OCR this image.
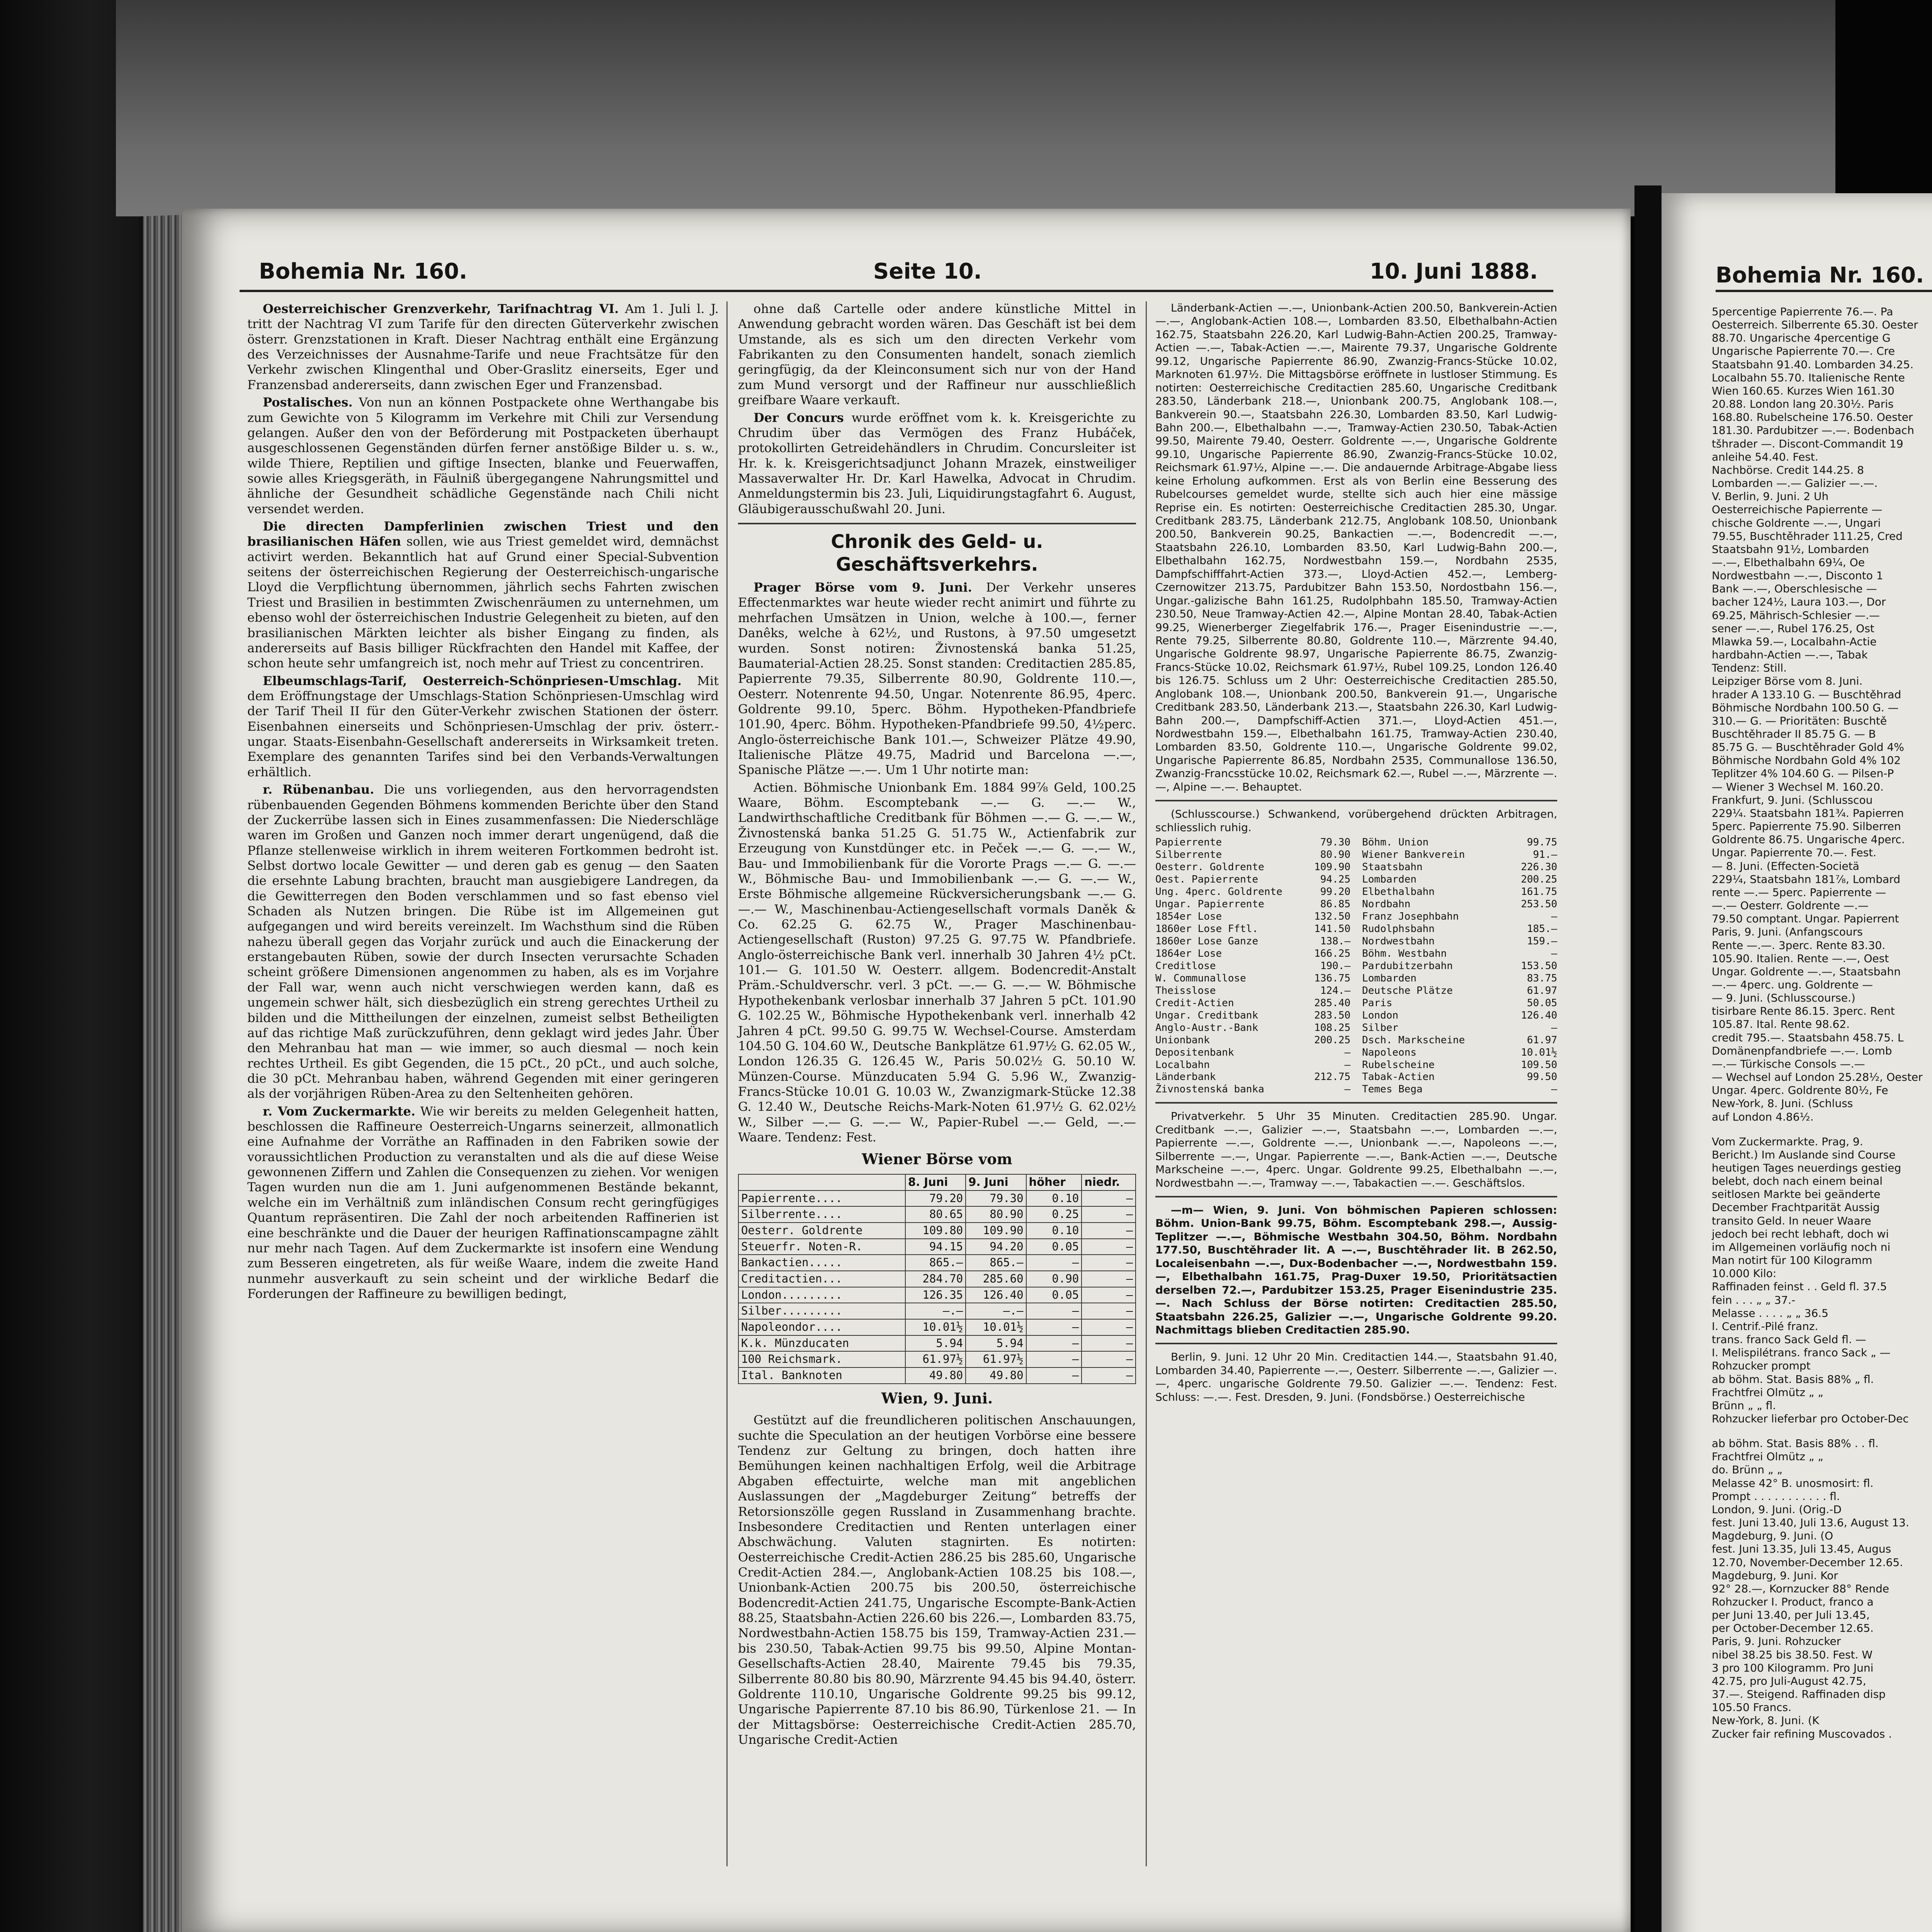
Bohemia Nr. 160.	Seite 10.	10. Juni 1888.

Oesterreichischer Grenzverkehr, Tarifnachtrag VI. Am 1. Juli l. J. tritt der Nachtrag VI zum Tarife für den directen Güterverkehr zwischen österr. Grenzstationen in Kraft. Dieser Nachtrag enthält eine Ergänzung des Verzeichnisses der Ausnahme-Tarife und neue Frachtsätze für den Verkehr zwischen Klingenthal und Ober-Graslitz einerseits, Eger und Franzensbad andererseits, dann zwischen Eger und Franzensbad.

Postalisches. Von nun an können Postpackete ohne Werthangabe bis zum Gewichte von 5 Kilogramm im Verkehre mit Chili zur Versendung gelangen. Außer den von der Beförderung mit Postpacketen überhaupt ausgeschlossenen Gegenständen dürfen ferner anstößige Bilder u. s. w., wilde Thiere, Reptilien und giftige Insecten, blanke und Feuerwaffen, sowie alles Kriegsgeräth, in Fäulniß übergegangene Nahrungsmittel und ähnliche der Gesundheit schädliche Gegenstände nach Chili nicht versendet werden.

Die directen Dampferlinien zwischen Triest und den brasilianischen Häfen sollen, wie aus Triest gemeldet wird, demnächst activirt werden. Bekanntlich hat auf Grund einer Special-Subvention seitens der österreichischen Regierung der Oesterreichisch-ungarische Lloyd die Verpflichtung übernommen, jährlich sechs Fahrten zwischen Triest und Brasilien in bestimmten Zwischenräumen zu unternehmen, um ebenso wohl der österreichischen Industrie Gelegenheit zu bieten, auf den brasilianischen Märkten leichter als bisher Eingang zu finden, als andererseits auf Basis billiger Rückfrachten den Handel mit Kaffee, der schon heute sehr umfangreich ist, noch mehr auf Triest zu concentriren.

Elbeumschlags-Tarif, Oesterreich-Schönpriesen-Umschlag. Mit dem Eröffnungstage der Umschlags-Station Schönpriesen-Umschlag wird der Tarif Theil II für den Güter-Verkehr zwischen Stationen der österr. Eisenbahnen einerseits und Schönpriesen-Umschlag der priv. österr.-ungar. Staats-Eisenbahn-Gesellschaft andererseits in Wirksamkeit treten. Exemplare des genannten Tarifes sind bei den Verbands-Verwaltungen erhältlich.

r. Rübenanbau. Die uns vorliegenden, aus den hervorragendsten rübenbauenden Gegenden Böhmens kommenden Berichte über den Stand der Zuckerrübe lassen sich in Eines zusammenfassen: Die Niederschläge waren im Großen und Ganzen noch immer derart ungenügend, daß die Pflanze stellenweise wirklich in ihrem weiteren Fortkommen bedroht ist. Selbst dortwo locale Gewitter — und deren gab es genug — den Saaten die ersehnte Labung brachten, braucht man ausgiebigere Landregen, da die Gewitterregen den Boden verschlammen und so fast ebenso viel Schaden als Nutzen bringen. Die Rübe ist im Allgemeinen gut aufgegangen und wird bereits vereinzelt. Im Wachsthum sind die Rüben nahezu überall gegen das Vorjahr zurück und auch die Einackerung der erstangebauten Rüben, sowie der durch Insecten verursachte Schaden scheint größere Dimensionen angenommen zu haben, als es im Vorjahre der Fall war, wenn auch nicht verschwiegen werden kann, daß es ungemein schwer hält, sich diesbezüglich ein streng gerechtes Urtheil zu bilden und die Mittheilungen der einzelnen, zumeist selbst Betheiligten auf das richtige Maß zurückzuführen, denn geklagt wird jedes Jahr. Über den Mehranbau hat man — wie immer, so auch diesmal — noch kein rechtes Urtheil. Es gibt Gegenden, die 15 pCt., 20 pCt., und auch solche, die 30 pCt. Mehranbau haben, während Gegenden mit einer geringeren als der vorjährigen Rüben-Area zu den Seltenheiten gehören.

r. Vom Zuckermarkte. Wie wir bereits zu melden Gelegenheit hatten, beschlossen die Raffineure Oesterreich-Ungarns seinerzeit, allmonatlich eine Aufnahme der Vorräthe an Raffinaden in den Fabriken sowie der voraussichtlichen Production zu veranstalten und als die auf diese Weise gewonnenen Ziffern und Zahlen die Consequenzen zu ziehen. Vor wenigen Tagen wurden nun die am 1. Juni aufgenommenen Bestände bekannt, welche ein im Verhältniß zum inländischen Consum recht geringfügiges Quantum repräsentiren. Die Zahl der noch arbeitenden Raffinerien ist eine beschränkte und die Dauer der heurigen Raffinationscampagne zählt nur mehr nach Tagen. Auf dem Zuckermarkte ist insofern eine Wendung zum Besseren eingetreten, als für weiße Waare, indem die zweite Hand nunmehr ausverkauft zu sein scheint und der wirkliche Bedarf die Forderungen der Raffineure zu bewilligen bedingt,

ohne daß Cartelle oder andere künstliche Mittel in Anwendung gebracht worden wären. Das Geschäft ist bei dem Umstande, als es sich um den directen Verkehr vom Fabrikanten zu den Consumenten handelt, sonach ziemlich geringfügig, da der Kleinconsument sich nur von der Hand zum Mund versorgt und der Raffineur nur ausschließlich greifbare Waare verkauft.

Der Concurs wurde eröffnet vom k. k. Kreisgerichte zu Chrudim über das Vermögen des Franz Hubáček, protokollirten Getreidehändlers in Chrudim. Concursleiter ist Hr. k. k. Kreisgerichtsadjunct Johann Mrazek, einstweiliger Massaverwalter Hr. Dr. Karl Hawelka, Advocat in Chrudim. Anmeldungstermin bis 23. Juli, Liquidirungstagfahrt 6. August, Gläubigerausschußwahl 20. Juni.

Chronik des Geld- u. Geschäftsverkehrs.

Prager Börse vom 9. Juni. Der Verkehr unseres Effectenmarktes war heute wieder recht animirt und führte zu mehrfachen Umsätzen in Union, welche à 100.—, ferner Danêks, welche à 62½, und Rustons, à 97.50 umgesetzt wurden. Sonst notiren: Živnostenská banka 51.25, Baumaterial-Actien 28.25. Sonst standen: Creditactien 285.85, Papierrente 79.35, Silberrente 80.90, Goldrente 110.—, Oesterr. Notenrente 94.50, Ungar. Notenrente 86.95, 4perc. Goldrente 99.10, 5perc. Böhm. Hypotheken-Pfandbriefe 101.90, 4perc. Böhm. Hypotheken-Pfandbriefe 99.50, 4½perc. Anglo-österreichische Bank 101.—, Schweizer Plätze 49.90, Italienische Plätze 49.75, Madrid und Barcelona —.—, Spanische Plätze —.—. Um 1 Uhr notirte man:

Actien. Böhmische Unionbank Em. 1884 99⅞ Geld, 100.25 Waare, Böhm. Escomptebank —.— G. —.— W., Landwirthschaftliche Creditbank für Böhmen —.— G. —.— W., Živnostenská banka 51.25 G. 51.75 W., Actienfabrik zur Erzeugung von Kunstdünger etc. in Peček —.— G. —.— W., Bau- und Immobilienbank für die Vororte Prags —.— G. —.— W., Böhmische Bau- und Immobilienbank —.— G. —.— W., Erste Böhmische allgemeine Rückversicherungsbank —.— G. —.— W., Maschinenbau-Actiengesellschaft vormals Daněk & Co. 62.25 G. 62.75 W., Prager Maschinenbau-Actiengesellschaft (Ruston) 97.25 G. 97.75 W. Pfandbriefe. Anglo-österreichische Bank verl. innerhalb 30 Jahren 4½ pCt. 101.— G. 101.50 W. Oesterr. allgem. Bodencredit-Anstalt Präm.-Schuldverschr. verl. 3 pCt. —.— G. —.— W. Böhmische Hypothekenbank verlosbar innerhalb 37 Jahren 5 pCt. 101.90 G. 102.25 W., Böhmische Hypothekenbank verl. innerhalb 42 Jahren 4 pCt. 99.50 G. 99.75 W. Wechsel-Course. Amsterdam 104.50 G. 104.60 W., Deutsche Bankplätze 61.97½ G. 62.05 W., London 126.35 G. 126.45 W., Paris 50.02½ G. 50.10 W. Münzen-Course. Münzducaten 5.94 G. 5.96 W., Zwanzig-Francs-Stücke 10.01 G. 10.03 W., Zwanzigmark-Stücke 12.38 G. 12.40 W., Deutsche Reichs-Mark-Noten 61.97½ G. 62.02½ W., Silber —.— G. —.— W., Papier-Rubel —.— Geld, —.— Waare. Tendenz: Fest.

Wiener Börse vom
	8. Juni	9. Juni	höher	niedr.
Papierrente....	79.20	79.30	0.10	—
Silberrente....	80.65	80.90	0.25	—
Oesterr. Goldrente	109.80	109.90	0.10	—
Steuerfr. Noten-R.	94.15	94.20	0.05	—
Bankactien.....	865.—	865.—	—	—
Creditactien...	284.70	285.60	0.90	—
London.........	126.35	126.40	0.05	—
Silber.........	—.—	—.—	—	—
Napoleondor....	10.01½	10.01½	—	—
K.k. Münzducaten	5.94	5.94	—	—
100 Reichsmark.	61.97½	61.97½	—	—
Ital. Banknoten	49.80	49.80	—	—
Wien, 9. Juni.

Gestützt auf die freundlicheren politischen Anschauungen, suchte die Speculation an der heutigen Vorbörse eine bessere Tendenz zur Geltung zu bringen, doch hatten ihre Bemühungen keinen nachhaltigen Erfolg, weil die Arbitrage Abgaben effectuirte, welche man mit angeblichen Auslassungen der „Magdeburger Zeitung“ betreffs der Retorsionszölle gegen Russland in Zusammenhang brachte. Insbesondere Creditactien und Renten unterlagen einer Abschwächung. Valuten stagnirten. Es notirten: Oesterreichische Credit-Actien 286.25 bis 285.60, Ungarische Credit-Actien 284.—, Anglobank-Actien 108.25 bis 108.—, Unionbank-Actien 200.75 bis 200.50, österreichische Bodencredit-Actien 241.75, Ungarische Escompte-Bank-Actien 88.25, Staatsbahn-Actien 226.60 bis 226.—, Lombarden 83.75, Nordwestbahn-Actien 158.75 bis 159, Tramway-Actien 231.— bis 230.50, Tabak-Actien 99.75 bis 99.50, Alpine Montan-Gesellschafts-Actien 28.40, Mairente 79.45 bis 79.35, Silberrente 80.80 bis 80.90, Märzrente 94.45 bis 94.40, österr. Goldrente 110.10, Ungarische Goldrente 99.25 bis 99.12, Ungarische Papierrente 87.10 bis 86.90, Türkenlose 21. — In der Mittagsbörse: Oesterreichische Credit-Actien 285.70, Ungarische Credit-Actien

Länderbank-Actien —.—, Unionbank-Actien 200.50, Bankverein-Actien —.—, Anglobank-Actien 108.—, Lombarden 83.50, Elbethalbahn-Actien 162.75, Staatsbahn 226.20, Karl Ludwig-Bahn-Actien 200.25, Tramway-Actien —.—, Tabak-Actien —.—, Mairente 79.37, Ungarische Goldrente 99.12, Ungarische Papierrente 86.90, Zwanzig-Francs-Stücke 10.02, Marknoten 61.97½. Die Mittagsbörse eröffnete in lustloser Stimmung. Es notirten: Oesterreichische Creditactien 285.60, Ungarische Creditbank 283.50, Länderbank 218.—, Unionbank 200.75, Anglobank 108.—, Bankverein 90.—, Staatsbahn 226.30, Lombarden 83.50, Karl Ludwig-Bahn 200.—, Elbethalbahn —.—, Tramway-Actien 230.50, Tabak-Actien 99.50, Mairente 79.40, Oesterr. Goldrente —.—, Ungarische Goldrente 99.10, Ungarische Papierrente 86.90, Zwanzig-Francs-Stücke 10.02, Reichsmark 61.97½, Alpine —.—. Die andauernde Arbitrage-Abgabe liess keine Erholung aufkommen. Erst als von Berlin eine Besserung des Rubelcourses gemeldet wurde, stellte sich auch hier eine mässige Reprise ein. Es notirten: Oesterreichische Creditactien 285.30, Ungar. Creditbank 283.75, Länderbank 212.75, Anglobank 108.50, Unionbank 200.50, Bankverein 90.25, Bankactien —.—, Bodencredit —.—, Staatsbahn 226.10, Lombarden 83.50, Karl Ludwig-Bahn 200.—, Elbethalbahn 162.75, Nordwestbahn 159.—, Nordbahn 2535, Dampfschifffahrt-Actien 373.—, Lloyd-Actien 452.—, Lemberg-Czernowitzer 213.75, Pardubitzer Bahn 153.50, Nordostbahn 156.—, Ungar.-galizische Bahn 161.25, Rudolphbahn 185.50, Tramway-Actien 230.50, Neue Tramway-Actien 42.—, Alpine Montan 28.40, Tabak-Actien 99.25, Wienerberger Ziegelfabrik 176.—, Prager Eisenindustrie —.—, Rente 79.25, Silberrente 80.80, Goldrente 110.—, Märzrente 94.40, Ungarische Goldrente 98.97, Ungarische Papierrente 86.75, Zwanzig-Francs-Stücke 10.02, Reichsmark 61.97½, Rubel 109.25, London 126.40 bis 126.75. Schluss um 2 Uhr: Oesterreichische Creditactien 285.50, Anglobank 108.—, Unionbank 200.50, Bankverein 91.—, Ungarische Creditbank 283.50, Länderbank 213.—, Staatsbahn 226.30, Karl Ludwig-Bahn 200.—, Dampfschiff-Actien 371.—, Lloyd-Actien 451.—, Nordwestbahn 159.—, Elbethalbahn 161.75, Tramway-Actien 230.40, Lombarden 83.50, Goldrente 110.—, Ungarische Goldrente 99.02, Ungarische Papierrente 86.85, Nordbahn 2535, Communallose 136.50, Zwanzig-Francsstücke 10.02, Reichsmark 62.—, Rubel —.—, Märzrente —.—, Alpine —.—. Behauptet.

(Schlusscourse.) Schwankend, vorübergehend drückten Arbitragen, schliesslich ruhig.

Papierrente	79.30 Böhm. Union	99.75
Silberrente	80.90 Wiener Bankverein	91.—
Oesterr. Goldrente	109.90 Staatsbahn	226.30
Oest. Papierrente	94.25 Lombarden	200.25
Ung. 4perc. Goldrente	99.20 Elbethalbahn	161.75
Ungar. Papierrente	86.85 Nordbahn	253.50
1854er Lose	132.50 Franz Josephbahn	—
1860er Lose Fftl.	141.50 Rudolphsbahn	185.—
1860er Lose Ganze	138.— Nordwestbahn	159.—
1864er Lose	166.25 Böhm. Westbahn	—
Creditlose	190.— Pardubitzerbahn	153.50
W. Communallose	136.75 Lombarden	83.75
Theisslose	124.— Deutsche Plätze	61.97
Credit-Actien	285.40 Paris	50.05
Ungar. Creditbank	283.50 London	126.40
Anglo-Austr.-Bank	108.25 Silber	—
Unionbank	200.25 Dsch. Markscheine	61.97
Depositenbank	— Napoleons	10.01½
Localbahn	— Rubelscheine	109.50
Länderbank	212.75 Tabak-Actien	99.50
Živnostenská banka	— Temes Bega	—

Privatverkehr. 5 Uhr 35 Minuten. Creditactien 285.90. Ungar. Creditbank —.—, Galizier —.—, Staatsbahn —.—, Lombarden —.—, Papierrente —.—, Goldrente —.—, Unionbank —.—, Napoleons —.—, Silberrente —.—, Ungar. Papierrente —.—, Bank-Actien —.—, Deutsche Markscheine —.—, 4perc. Ungar. Goldrente 99.25, Elbethalbahn —.—, Nordwestbahn —.—, Tramway —.—, Tabakactien —.—. Geschäftslos.

—m— Wien, 9. Juni. Von böhmischen Papieren schlossen: Böhm. Union-Bank 99.75, Böhm. Escomptebank 298.—, Aussig-Teplitzer —.—, Böhmische Westbahn 304.50, Böhm. Nordbahn 177.50, Buschtěhrader lit. A —.—, Buschtěhrader lit. B 262.50, Localeisenbahn —.—, Dux-Bodenbacher —.—, Nordwestbahn 159.—, Elbethalbahn 161.75, Prag-Duxer 19.50, Prioritätsactien derselben 72.—, Pardubitzer 153.25, Prager Eisenindustrie 235.—. Nach Schluss der Börse notirten: Creditactien 285.50, Staatsbahn 226.25, Galizier —.—, Ungarische Goldrente 99.20. Nachmittags blieben Creditactien 285.90.

Berlin, 9. Juni. 12 Uhr 20 Min. Creditactien 144.—, Staatsbahn 91.40, Lombarden 34.40, Papierrente —.—, Oesterr. Silberrente —.—, Galizier —.—, 4perc. ungarische Goldrente 79.50. Galizier —.—. Tendenz: Fest. Schluss: —.—. Fest. Dresden, 9. Juni. (Fondsbörse.) Oesterreichische

Bohemia Nr. 160.
5percentige Papierrente 76.—. Pa
Oesterreich. Silberrente 65.30. Oester
88.70. Ungarische 4percentige G
Ungarische Papierrente 70.—. Cre
Staatsbahn 91.40. Lombarden 34.25.
Localbahn 55.70. Italienische Rente
Wien 160.65. Kurzes Wien 161.30
20.88. London lang 20.30½. Paris
168.80. Rubelscheine 176.50. Oester
181.30. Pardubitzer —.—. Bodenbach
tšhrader —. Discont-Commandit 19
anleihe 54.40. Fest.
Nachbörse. Credit 144.25. 8
Lombarden —.— Galizier —.—.
V. Berlin, 9. Juni. 2 Uh
Oesterreichische Papierrente —
chische Goldrente —.—, Ungari
79.55, Buschtěhrader 111.25, Cred
Staatsbahn 91½, Lombarden
—.—, Elbethalbahn 69¼, Oe
Nordwestbahn —.—, Disconto 1
Bank —.—, Oberschlesische —
bacher 124½, Laura 103.—, Dor
69.25, Mährisch-Schlesier —.—
sener —.—, Rubel 176.25, Ost
Mlawka 59.—, Localbahn-Actie
hardbahn-Actien —.—, Tabak
Tendenz: Still.
Leipziger Börse vom 8. Juni.
hrader A 133.10 G. — Buschtěhrad
Böhmische Nordbahn 100.50 G. —
310.— G. — Prioritäten: Buschtě
Buschtěhrader II 85.75 G. — B
85.75 G. — Buschtěhrader Gold 4%
Böhmische Nordbahn Gold 4% 102
Teplitzer 4% 104.60 G. — Pilsen-P
— Wiener 3 Wechsel M. 160.20.
Frankfurt, 9. Juni. (Schlusscou
229¼. Staatsbahn 181¾. Papierren
5perc. Papierrente 75.90. Silberren
Goldrente 86.75. Ungarische 4perc.
Ungar. Papierrente 70.—. Fest.
— 8. Juni. (Effecten-Societä
229¼, Staatsbahn 181⅞, Lombard
rente —.— 5perc. Papierrente —
—.— Oesterr. Goldrente —.—
79.50 comptant. Ungar. Papierrent
Paris, 9. Juni. (Anfangscours
Rente —.—. 3perc. Rente 83.30.
105.90. Italien. Rente —.—, Oest
Ungar. Goldrente —.—, Staatsbahn
—.— 4perc. ung. Goldrente —
— 9. Juni. (Schlusscourse.)
tisirbare Rente 86.15. 3perc. Rent
105.87. Ital. Rente 98.62.
credit 795.—. Staatsbahn 458.75. L
Domänenpfandbriefe —.—. Lomb
—.— Türkische Consols —.—
— Wechsel auf London 25.28½, Oester
Ungar. 4perc. Goldrente 80½, Fe
New-York, 8. Juni. (Schluss
auf London 4.86½.
Vom Zuckermarkte. Prag, 9.
Bericht.) Im Auslande sind Course
heutigen Tages neuerdings gestieg
belebt, doch nach einem beinal
seitlosen Markte bei geänderte
December Frachtparität Aussig
transito Geld. In neuer Waare
jedoch bei recht lebhaft, doch wi
im Allgemeinen vorläufig noch ni
Man notirt für 100 Kilogramm
10.000 Kilo:
Raffinaden feinst . . Geld fl. 37.5
fein . . . „ „ 37.-
Melasse . . . . „ „ 36.5
I. Centrif.-Pilé franz.
trans. franco Sack Geld fl. —
I. Melispilétrans. franco Sack „ —
Rohzucker prompt
ab böhm. Stat. Basis 88% „ fl.
Frachtfrei Olmütz „ „
Brünn „ „ fl.
Rohzucker lieferbar pro October-Dec
ab böhm. Stat. Basis 88% . . fl.
Frachtfrei Olmütz „ „
do. Brünn „ „
Melasse 42° B. unosmosirt: fl.
Prompt . . . . . . . . . . . fl.
London, 9. Juni. (Orig.-D
fest. Juni 13.40, Juli 13.6, August 13.
Magdeburg, 9. Juni. (O
fest. Juni 13.35, Juli 13.45, Augus
12.70, November-December 12.65.
Magdeburg, 9. Juni. Kor
92° 28.—, Kornzucker 88° Rende
Rohzucker I. Product, franco a
per Juni 13.40, per Juli 13.45,
per October-December 12.65.
Paris, 9. Juni. Rohzucker
nibel 38.25 bis 38.50. Fest. W
3 pro 100 Kilogramm. Pro Juni
42.75, pro Juli-August 42.75,
37.—. Steigend. Raffinaden disp
105.50 Francs.
New-York, 8. Juni. (K
Zucker fair refining Muscovados .
